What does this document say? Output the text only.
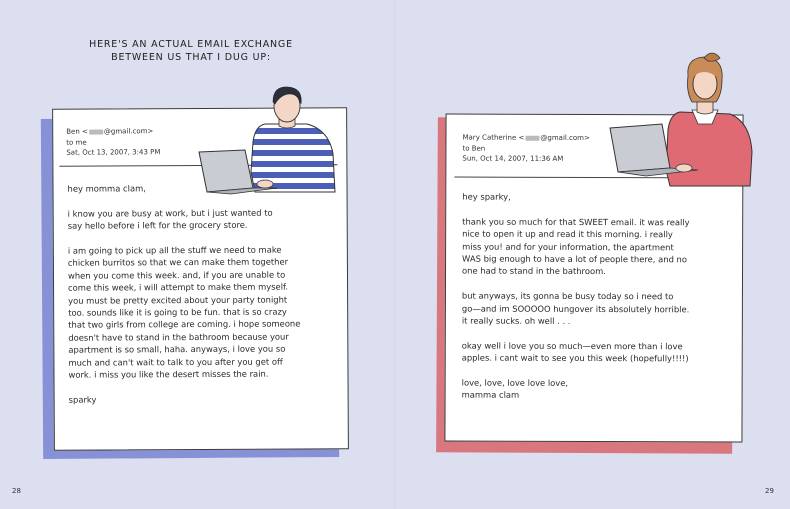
HERE'S AN ACTUAL EMAIL EXCHANGE
BETWEEN US THAT I DUG UP:
Ben < @gmail.com>
to me
Sat, Oct 13, 2007, 3:43 PM

hey momma clam,

i know you are busy at work, but i just wanted to
say hello before i left for the grocery store.

i am going to pick up all the stuff we need to make
chicken burritos so that we can make them together
when you come this week. and, if you are unable to
come this week, i will attempt to make them myself.
you must be pretty excited about your party tonight
too. sounds like it is going to be fun. that is so crazy
that two girls from college are coming. i hope someone
doesn't have to stand in the bathroom because your
apartment is so small, haha. anyways, i love you so
much and can't wait to talk to you after you get off
work. i miss you like the desert misses the rain.

sparky

Mary Catherine < @gmail.com>
to Ben
Sun, Oct 14, 2007, 11:36 AM

hey sparky,

thank you so much for that SWEET email. it was really
nice to open it up and read it this morning. i really
miss you! and for your information, the apartment
WAS big enough to have a lot of people there, and no
one had to stand in the bathroom.

but anyways, its gonna be busy today so i need to
go—and im SOOOOO hungover its absolutely horrible.
it really sucks. oh well . . .

okay well i love you so much—even more than i love
apples. i cant wait to see you this week (hopefully!!!!)

love, love, love love love,
mamma clam

28	29
